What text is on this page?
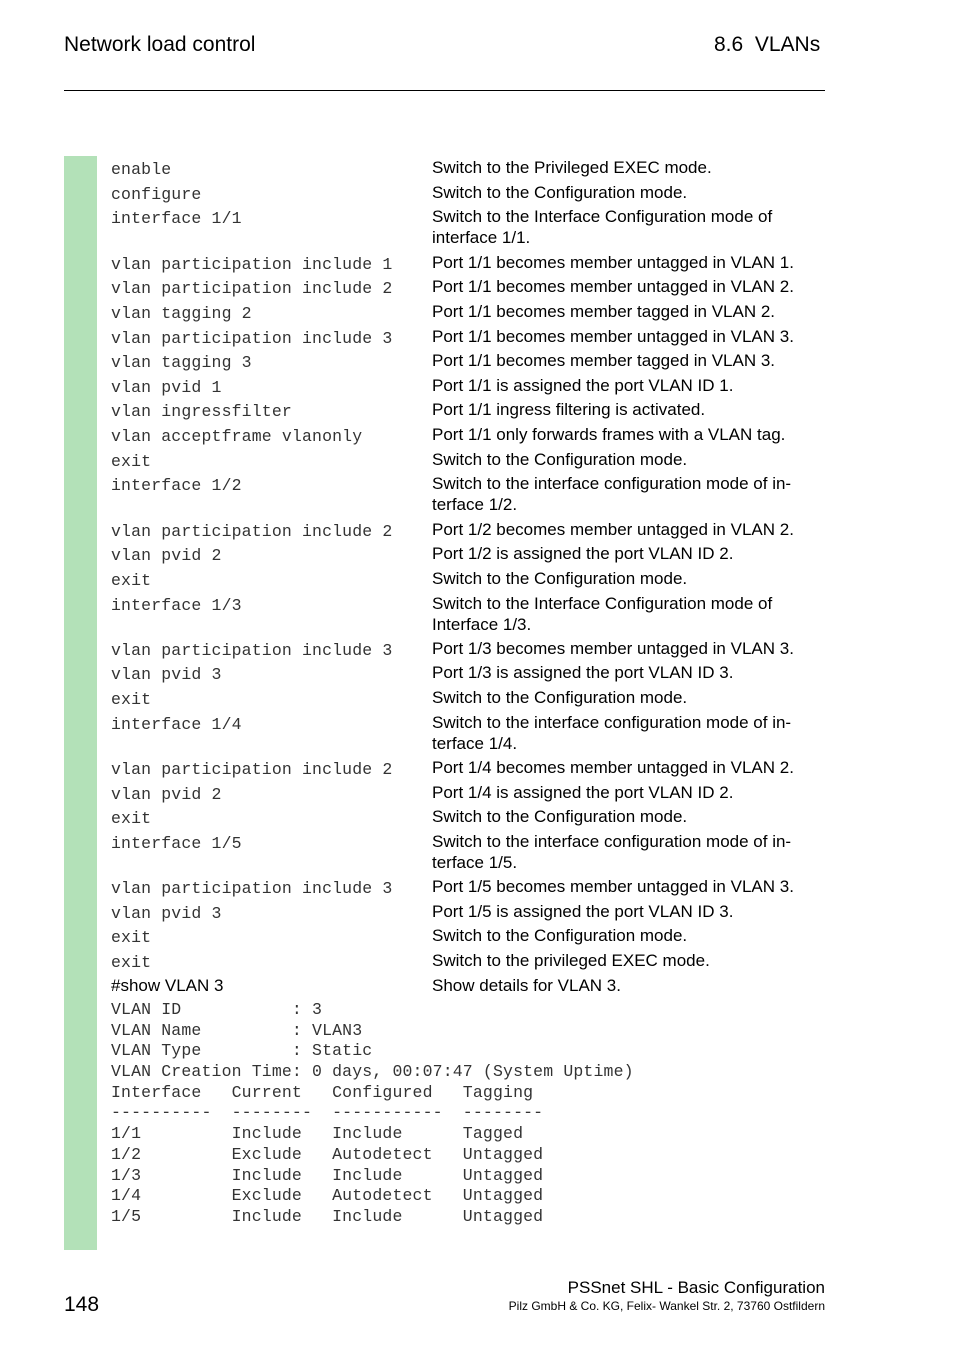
Network load control	8.6  VLANs
enable	Switch to the Privileged EXEC mode.
configure	Switch to the Configuration mode.
interface 1/1	Switch to the Interface Configuration mode of interface 1/1.
vlan participation include 1 Port 1/1 becomes member untagged in VLAN 1.
vlan participation include 2 Port 1/1 becomes member untagged in VLAN 2.
vlan tagging 2	Port 1/1 becomes member tagged in VLAN 2.
vlan participation include 3 Port 1/1 becomes member untagged in VLAN 3.
vlan tagging 3	Port 1/1 becomes member tagged in VLAN 3.
vlan pvid 1	Port 1/1 is assigned the port VLAN ID 1.
vlan ingressfilter	Port 1/1 ingress filtering is activated.
vlan acceptframe vlanonly	Port 1/1 only forwards frames with a VLAN tag.
exit	Switch to the Configuration mode.
interface 1/2	Switch to the interface configuration mode of in-terface 1/2.
vlan participation include 2 Port 1/2 becomes member untagged in VLAN 2.
vlan pvid 2	Port 1/2 is assigned the port VLAN ID 2.
exit	Switch to the Configuration mode.
interface 1/3	Switch to the Interface Configuration mode of Interface 1/3.
vlan participation include 3 Port 1/3 becomes member untagged in VLAN 3.
vlan pvid 3	Port 1/3 is assigned the port VLAN ID 3.
exit	Switch to the Configuration mode.
interface 1/4	Switch to the interface configuration mode of in-terface 1/4.
vlan participation include 2 Port 1/4 becomes member untagged in VLAN 2.
vlan pvid 2	Port 1/4 is assigned the port VLAN ID 2.
exit	Switch to the Configuration mode.
interface 1/5	Switch to the interface configuration mode of in-terface 1/5.
vlan participation include 3 Port 1/5 becomes member untagged in VLAN 3.
vlan pvid 3	Port 1/5 is assigned the port VLAN ID 3.
exit	Switch to the Configuration mode.
exit	Switch to the privileged EXEC mode.
#show VLAN 3	Show details for VLAN 3.
VLAN ID           : 3
VLAN Name         : VLAN3
VLAN Type         : Static
VLAN Creation Time: 0 days, 00:07:47 (System Uptime)
Interface   Current   Configured   Tagging
----------  --------  -----------  --------
1/1         Include   Include      Tagged
1/2         Exclude   Autodetect   Untagged
1/3         Include   Include      Untagged
1/4         Exclude   Autodetect   Untagged
1/5         Include   Include      Untagged
148
PSSnet SHL - Basic Configuration
Pilz GmbH & Co. KG, Felix- Wankel Str. 2, 73760 Ostfildern
